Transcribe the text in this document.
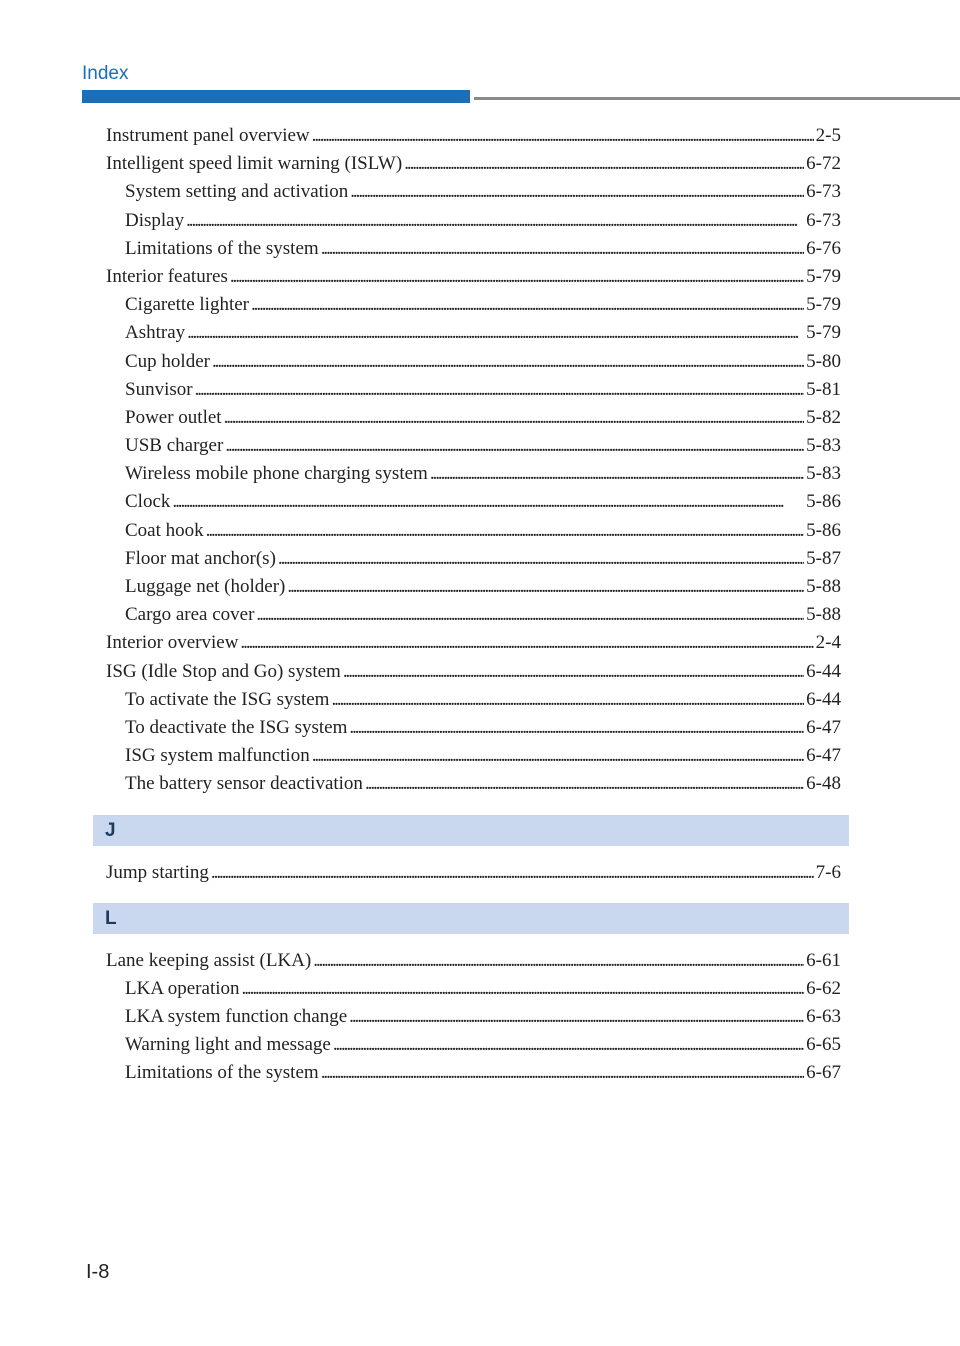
Index
Instrument panel overview . . .	2-5
Intelligent speed limit warning (ISLW) . . .	6-72
System setting and activation . . .	6-73
Display . . .	6-73
Limitations of the system . . .	6-76
Interior features . . .	5-79
Cigarette lighter . . .	5-79
Ashtray . . .	5-79
Cup holder . . .	5-80
Sunvisor . . .	5-81
Power outlet . . .	5-82
USB charger . . .	5-83
Wireless mobile phone charging system . . .	5-83
Clock . . .	5-86
Coat hook . . .	5-86
Floor mat anchor(s) . . .	5-87
Luggage net (holder) . . .	5-88
Cargo area cover . . .	5-88
Interior overview . . .	2-4
ISG (Idle Stop and Go) system . . .	6-44
To activate the ISG system . . .	6-44
To deactivate the ISG system . . .	6-47
ISG system malfunction . . .	6-47
The battery sensor deactivation . . .	6-48
J
Jump starting . . .	7-6
L
Lane keeping assist (LKA) . . .	6-61
LKA operation . . .	6-62
LKA system function change . . .	6-63
Warning light and message . . .	6-65
Limitations of the system . . .	6-67
I-8
